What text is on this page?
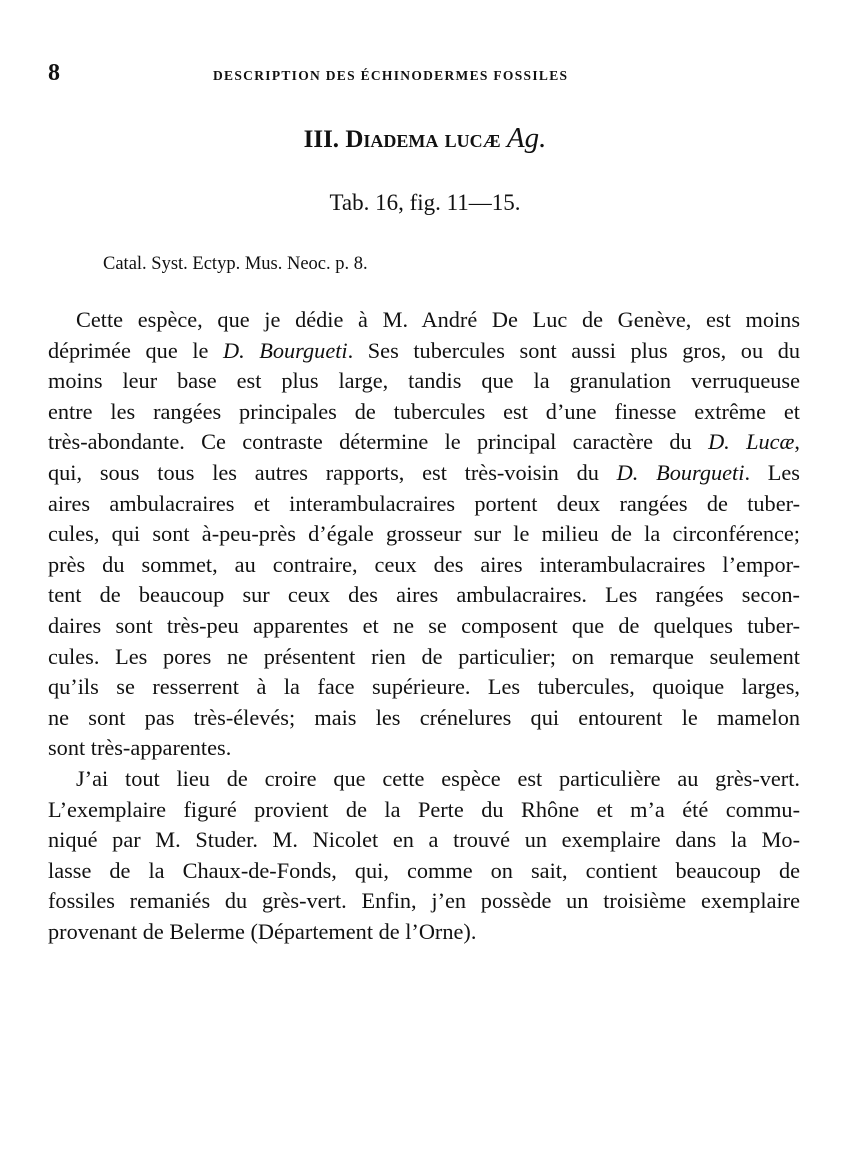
8	DESCRIPTION DES ÉCHINODERMES FOSSILES
III. Diadema lucæ Ag.
Tab. 16, fig. 11—15.
Catal. Syst. Ectyp. Mus. Neoc. p. 8.
Cette espèce, que je dédie à M. André De Luc de Genève, est moins
déprimée que le D. Bourgueti. Ses tubercules sont aussi plus gros, ou du
moins leur base est plus large, tandis que la granulation verruqueuse
entre les rangées principales de tubercules est d’une finesse extrême et
très-abondante. Ce contraste détermine le principal caractère du D. Lucæ,
qui, sous tous les autres rapports, est très-voisin du D. Bourgueti. Les
aires ambulacraires et interambulacraires portent deux rangées de tuber-
cules, qui sont à-peu-près d’égale grosseur sur le milieu de la circonférence;
près du sommet, au contraire, ceux des aires interambulacraires l’empor-
tent de beaucoup sur ceux des aires ambulacraires. Les rangées secon-
daires sont très-peu apparentes et ne se composent que de quelques tuber-
cules. Les pores ne présentent rien de particulier; on remarque seulement
qu’ils se resserrent à la face supérieure. Les tubercules, quoique larges,
ne sont pas très-élevés; mais les crénelures qui entourent le mamelon
sont très-apparentes.
J’ai tout lieu de croire que cette espèce est particulière au grès-vert.
L’exemplaire figuré provient de la Perte du Rhône et m’a été commu-
niqué par M. Studer. M. Nicolet en a trouvé un exemplaire dans la Mo-
lasse de la Chaux-de-Fonds, qui, comme on sait, contient beaucoup de
fossiles remaniés du grès-vert. Enfin, j’en possède un troisième exemplaire
provenant de Belerme (Département de l’Orne).
